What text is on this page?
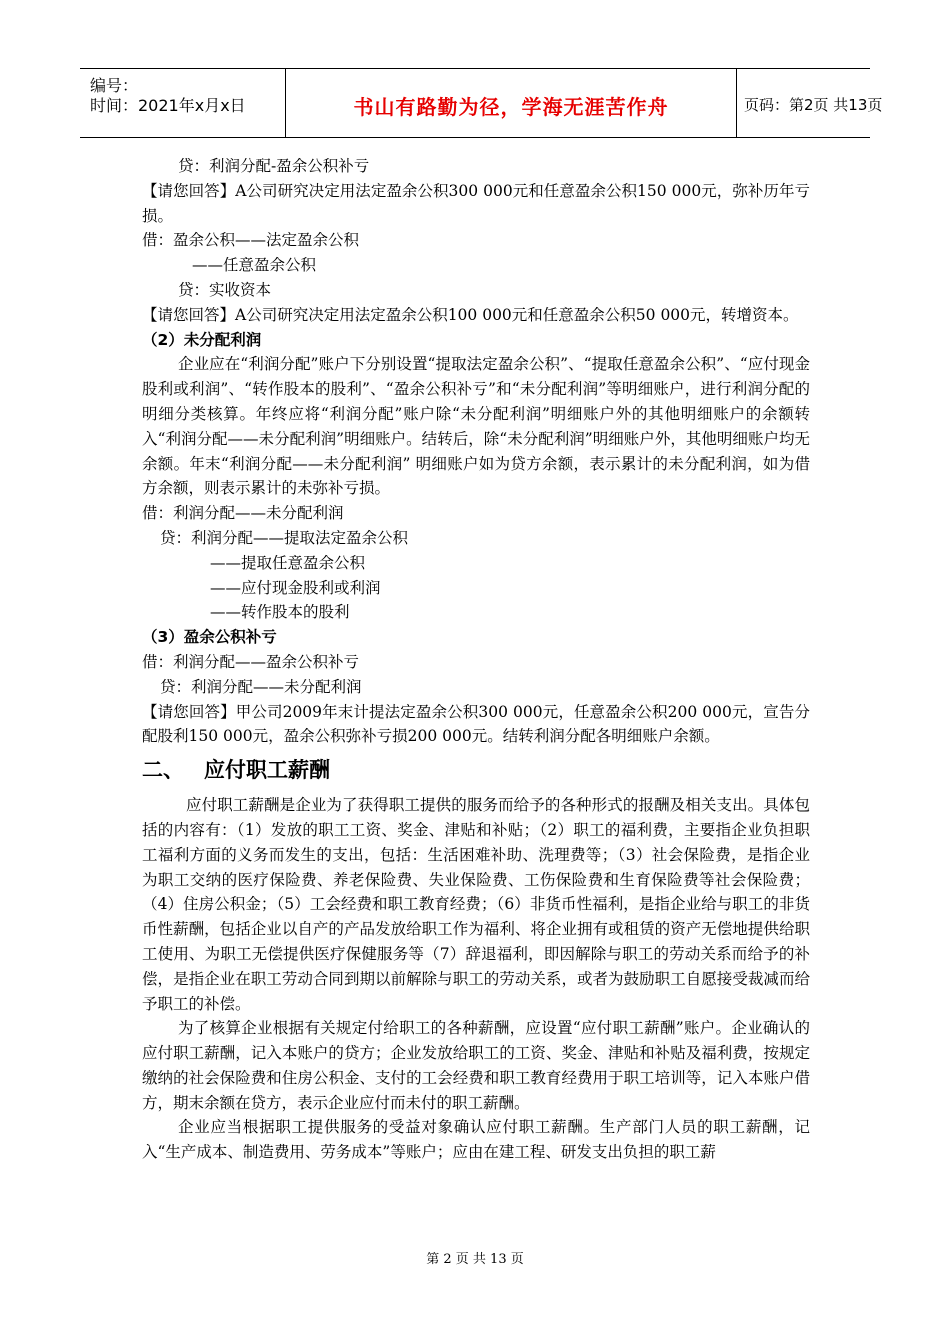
编号：
时间：2021年x月x日	书山有路勤为径，学海无涯苦作舟	页码：第2页 共13页

贷：利润分配-盈余公积补亏

【请您回答】A公司研究决定用法定盈余公积300 000元和任意盈余公积150 000元，弥补历年亏损。

借：盈余公积——法定盈余公积

——任意盈余公积

贷：实收资本

【请您回答】A公司研究决定用法定盈余公积100 000元和任意盈余公积50 000元，转增资本。

（2）未分配利润

企业应在“利润分配”账户下分别设置“提取法定盈余公积”、“提取任意盈余公积”、“应付现金股利或利润”、“转作股本的股利”、“盈余公积补亏”和“未分配利润”等明细账户，进行利润分配的明细分类核算。年终应将“利润分配”账户除“未分配利润”明细账户外的其他明细账户的余额转入“利润分配——未分配利润”明细账户。结转后，除“未分配利润”明细账户外，其他明细账户均无余额。年末“利润分配——未分配利润” 明细账户如为贷方余额，表示累计的未分配利润，如为借方余额，则表示累计的未弥补亏损。

借：利润分配——未分配利润

贷：利润分配——提取法定盈余公积

——提取任意盈余公积

——应付现金股利或利润

——转作股本的股利

（3）盈余公积补亏

借：利润分配——盈余公积补亏

贷：利润分配——未分配利润

【请您回答】甲公司2009年末计提法定盈余公积300 000元，任意盈余公积200 000元，宣告分配股利150 000元，盈余公积弥补亏损200 000元。结转利润分配各明细账户余额。

二、 应付职工薪酬

应付职工薪酬是企业为了获得职工提供的服务而给予的各种形式的报酬及相关支出。具体包括的内容有：（1）发放的职工工资、奖金、津贴和补贴；（2）职工的福利费，主要指企业负担职工福利方面的义务而发生的支出，包括：生活困难补助、洗理费等；（3）社会保险费，是指企业为职工交纳的医疗保险费、养老保险费、失业保险费、工伤保险费和生育保险费等社会保险费；（4）住房公积金；（5）工会经费和职工教育经费；（6）非货币性福利，是指企业给与职工的非货币性薪酬，包括企业以自产的产品发放给职工作为福利、将企业拥有或租赁的资产无偿地提供给职工使用、为职工无偿提供医疗保健服务等（7）辞退福利，即因解除与职工的劳动关系而给予的补偿，是指企业在职工劳动合同到期以前解除与职工的劳动关系，或者为鼓励职工自愿接受裁减而给予职工的补偿。

为了核算企业根据有关规定付给职工的各种薪酬，应设置“应付职工薪酬”账户。企业确认的应付职工薪酬，记入本账户的贷方；企业发放给职工的工资、奖金、津贴和补贴及福利费，按规定缴纳的社会保险费和住房公积金、支付的工会经费和职工教育经费用于职工培训等，记入本账户借方，期末余额在贷方，表示企业应付而未付的职工薪酬。

企业应当根据职工提供服务的受益对象确认应付职工薪酬。生产部门人员的职工薪酬，记入“生产成本、制造费用、劳务成本”等账户；应由在建工程、研发支出负担的职工薪

第 2 页 共 13 页
